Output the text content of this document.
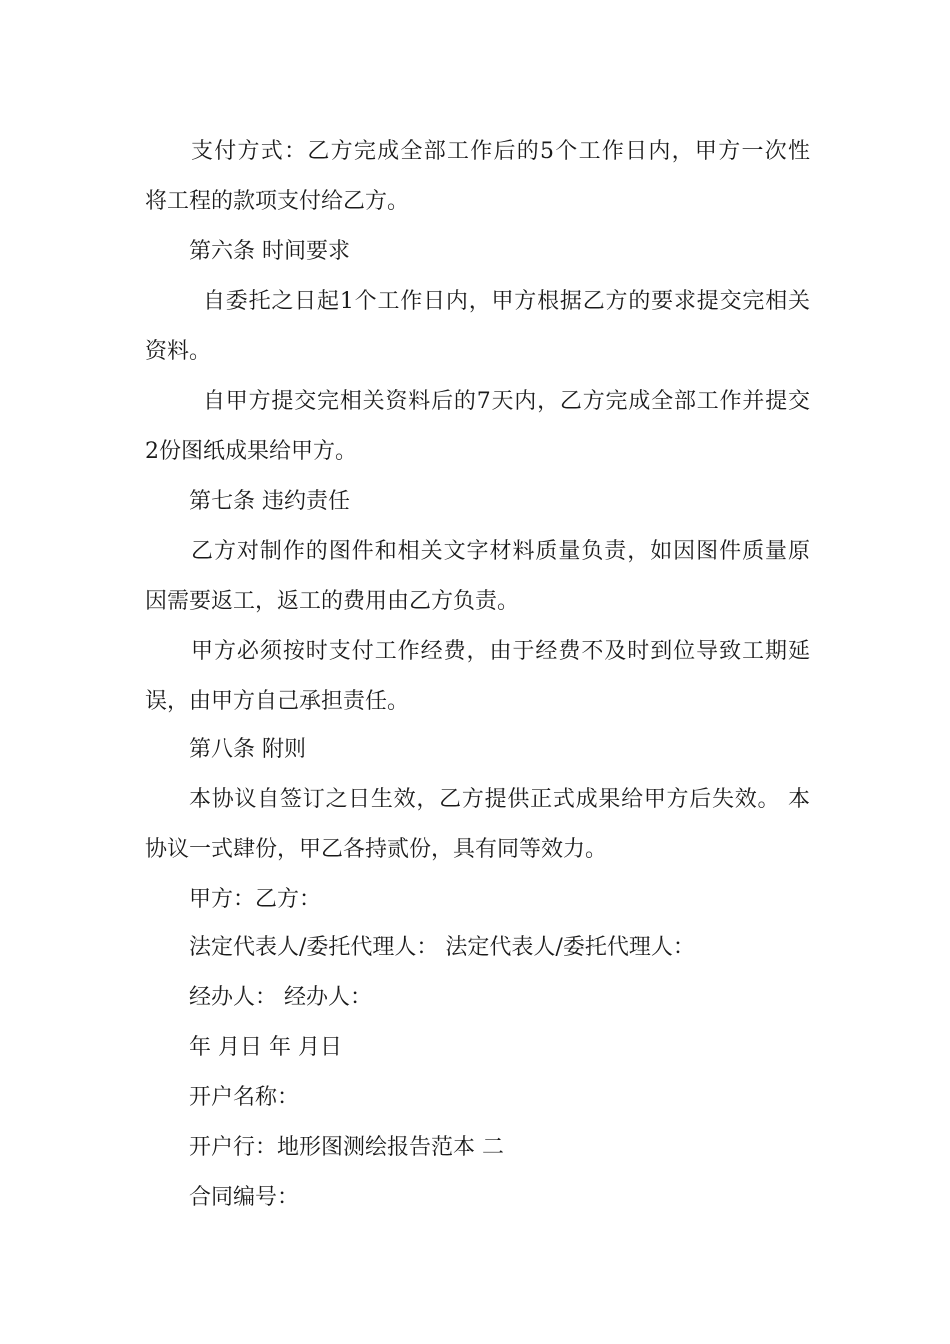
支付方式：乙方完成全部工作后的5个工作日内，甲方一次性
将工程的款项支付给乙方。
第六条 时间要求
自委托之日起1个工作日内，甲方根据乙方的要求提交完相关
资料。
自甲方提交完相关资料后的7天内，乙方完成全部工作并提交
2份图纸成果给甲方。
第七条 违约责任
乙方对制作的图件和相关文字材料质量负责，如因图件质量原
因需要返工，返工的费用由乙方负责。
甲方必须按时支付工作经费，由于经费不及时到位导致工期延
误，由甲方自己承担责任。
第八条 附则
本协议自签订之日生效，乙方提供正式成果给甲方后失效。 本
协议一式肆份，甲乙各持贰份，具有同等效力。
甲方：乙方：
法定代表人/委托代理人： 法定代表人/委托代理人：
经办人： 经办人：
年 月日 年 月日
开户名称：
开户行：地形图测绘报告范本 二
合同编号：
